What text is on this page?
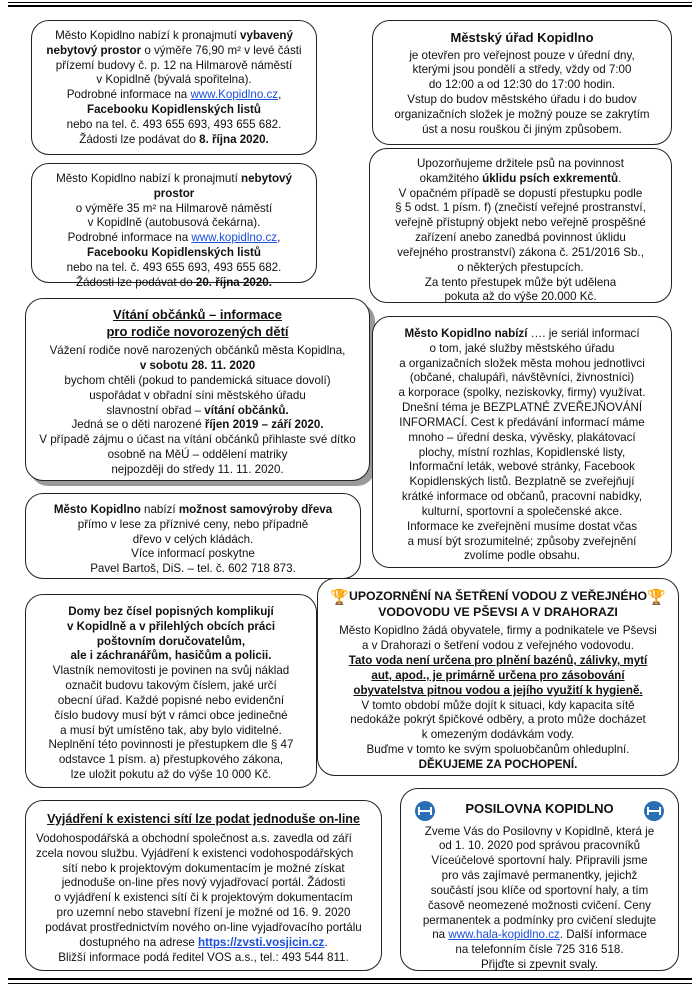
Město Kopidlno nabízí k pronajmutí vybavený

nebytový prostor o výměře 76,90 m² v levé části

přízemí budovy č. p. 12 na Hilmarově náměstí

v Kopidlně (bývalá spořitelna).

Podrobné informace na www.Kopidlno.cz,

Facebooku Kopidlenských listů

nebo na tel. č. 493 655 693, 493 655 682.

Žádosti lze podávat do 8. října 2020.

Město Kopidlno nabízí k pronajmutí nebytový prostor

o výměře 35 m² na Hilmarově náměstí

v Kopidlně (autobusová čekárna).

Podrobné informace na www.kopidlno.cz,

Facebooku Kopidlenských listů

nebo na tel. č. 493 655 693, 493 655 682.

Žádosti lze podávat do 20. října 2020.

Vítání občánků – informace

pro rodiče novorozených dětí

Vážení rodiče nově narozených občánků města Kopidlna,

v sobotu 28. 11. 2020

bychom chtěli (pokud to pandemická situace dovolí)

uspořádat v obřadní síni městského úřadu

slavnostní obřad – vítání občánků.

Jedná se o děti narozené říjen 2019 – září 2020.

V případě zájmu o účast na vítání občánků přihlaste své dítko

osobně na MěÚ – oddělení matriky

nejpozději do středy 11. 11. 2020.

Město Kopidlno nabízí možnost samovýroby dřeva

přímo v lese za příznivé ceny, nebo případně

dřevo v celých kládách.

Více informací poskytne

Pavel Bartoš, DiS. – tel. č. 602 718 873.

Domy bez čísel popisných komplikují

v Kopidlně a v přilehlých obcích práci

poštovním doručovatelům,

ale i záchranářům, hasičům a policii.

Vlastník nemovitosti je povinen na svůj náklad

označit budovu takovým číslem, jaké určí

obecní úřad. Každé popisné nebo evidenční

číslo budovy musí být v rámci obce jedinečné

a musí být umístěno tak, aby bylo viditelné.

Neplnění této povinnosti je přestupkem dle § 47

odstavce 1 písm. a) přestupkového zákona,

lze uložit pokutu až do výše 10 000 Kč.

Vyjádření k existenci sítí lze podat jednoduše on-line

Vodohospodářská a obchodní společnost a.s. zavedla od září

zcela novou službu. Vyjádření k existenci vodohospodářských

sítí nebo k projektovým dokumentacím je možné získat

jednoduše on-line přes nový vyjadřovací portál. Žádosti

o vyjádření k existenci sítí či k projektovým dokumentacím

pro uzemní nebo stavební řízení je možné od 16. 9. 2020

podávat prostřednictvím nového on-line vyjadřovacího portálu

dostupného na adrese https://zvsti.vosjicin.cz.

Bližší informace podá ředitel VOS a.s., tel.: 493 544 811.

Městský úřad Kopidlno

je otevřen pro veřejnost pouze v úřední dny,

kterými jsou pondělí a středy, vždy od 7:00

do 12:00 a od 12:30 do 17:00 hodin.

Vstup do budov městského úřadu i do budov

organizačních složek je možný pouze se zakrytím

úst a nosu rouškou či jiným způsobem.

Upozorňujeme držitele psů na povinnost

okamžitého úklidu psích exkrementů.

V opačném případě se dopustí přestupku podle

§ 5 odst. 1 písm. f) (znečistí veřejné prostranství,

veřejně přístupný objekt nebo veřejně prospěšné

zařízení anebo zanedbá povinnost úklidu

veřejného prostranství) zákona č. 251/2016 Sb.,

o některých přestupcích.

Za tento přestupek může být udělena

pokuta až do výše 20.000 Kč.

Město Kopidlno nabízí …. je seriál informací

o tom, jaké služby městského úřadu

a organizačních složek města mohou jednotlivci

(občané, chalupáři, návštěvníci, živnostníci)

a korporace (spolky, neziskovky, firmy) využívat.

Dnešní téma je BEZPLATNÉ ZVEŘEJŇOVÁNÍ

INFORMACÍ. Cest k předávání informací máme

mnoho – úřední deska, vývěsky, plakátovací

plochy, místní rozhlas, Kopidlenské listy,

Informační leták, webové stránky, Facebook

Kopidlenských listů. Bezplatně se zveřejňují

krátké informace od občanů, pracovní nabídky,

kulturní, sportovní a společenské akce.

Informace ke zveřejnění musíme dostat včas

a musí být srozumitelné; způsoby zveřejnění

zvolíme podle obsahu.

🏆	🏆

UPOZORNĚNÍ NA ŠETŘENÍ VODOU Z VEŘEJNÉHO

VODOVODU VE PŠEVSI A V DRAHORAZI

Město Kopidlno žádá obyvatele, firmy a podnikatele ve Pševsi

a v Drahorazi o šetření vodou z veřejného vodovodu.

Tato voda není určena pro plnění bazénů, zálivky, mytí

aut, apod., je primárně určena pro zásobování

obyvatelstva pitnou vodou a jejího využití k hygieně.

V tomto období může dojít k situaci, kdy kapacita sítě

nedokáže pokrýt špičkové odběry, a proto může docházet

k omezeným dodávkám vody.

Buďme v tomto ke svým spoluobčanům ohleduplní.

DĚKUJEME ZA POCHOPENÍ.

POSILOVNA KOPIDLNO

Zveme Vás do Posilovny v Kopidlně, která je

od 1. 10. 2020 pod správou pracovníků

Víceúčelové sportovní haly. Připravili jsme

pro vás zajímavé permanentky, jejichž

součástí jsou klíče od sportovní haly, a tím

časově neomezené možnosti cvičení. Ceny

permanentek a podmínky pro cvičení sledujte

na www.hala-kopidlno.cz. Další informace

na telefonním čísle 725 316 518.

Přijďte si zpevnit svaly.
